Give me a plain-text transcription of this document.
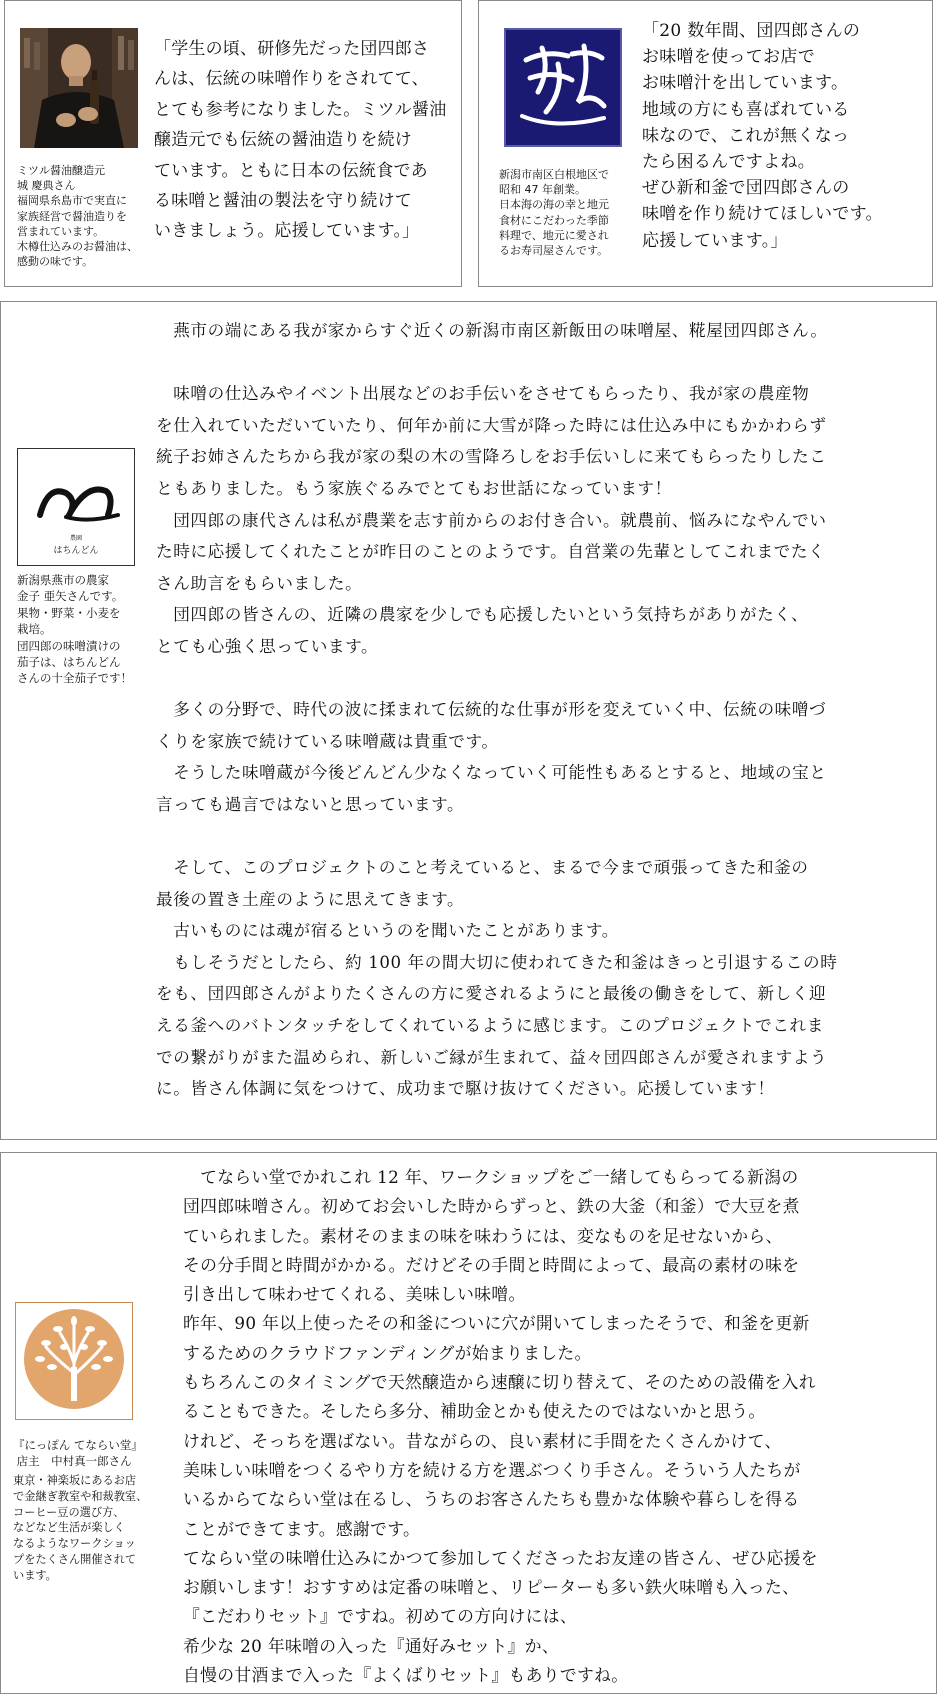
ミツル醤油醸造元
城 慶典さん
福岡県糸島市で実直に
家族経営で醤油造りを
営まれています。
木樽仕込みのお醤油は、
感動の味です。
「学生の頃、研修先だった団四郎さ
んは、伝統の味噌作りをされてて、
とても参考になりました。ミツル醤油
醸造元でも伝統の醤油造りを続け
ています。ともに日本の伝統食であ
る味噌と醤油の製法を守り続けて
いきましょう。応援しています。」
寿々さ
新潟市南区白根地区で
昭和 47 年創業。
日本海の海の幸と地元
食材にこだわった季節
料理で、地元に愛され
るお寿司屋さんです。
「20 数年間、団四郎さんの
お味噌を使ってお店で
お味噌汁を出しています。
地域の方にも喜ばれている
味なので、これが無くなっ
たら困るんですよね。
ぜひ新和釜で団四郎さんの
味噌を作り続けてほしいです。
応援しています。」
農園
はちんどん
新潟県燕市の農家
金子 亜矢さんです。
果物・野菜・小麦を
栽培。
団四郎の味噌漬けの
茄子は、はちんどん
さんの十全茄子です！
　燕市の端にある我が家からすぐ近くの新潟市南区新飯田の味噌屋、糀屋団四郎さん。

　味噌の仕込みやイベント出展などのお手伝いをさせてもらったり、我が家の農産物
を仕入れていただいていたり、何年か前に大雪が降った時には仕込み中にもかかわらず
統子お姉さんたちから我が家の梨の木の雪降ろしをお手伝いしに来てもらったりしたこ
ともありました。もう家族ぐるみでとてもお世話になっています！
　団四郎の康代さんは私が農業を志す前からのお付き合い。就農前、悩みになやんでい
た時に応援してくれたことが昨日のことのようです。自営業の先輩としてこれまでたく
さん助言をもらいました。
　団四郎の皆さんの、近隣の農家を少しでも応援したいという気持ちがありがたく、
とても心強く思っています。

　多くの分野で、時代の波に揉まれて伝統的な仕事が形を変えていく中、伝統の味噌づ
くりを家族で続けている味噌蔵は貴重です。
　そうした味噌蔵が今後どんどん少なくなっていく可能性もあるとすると、地域の宝と
言っても過言ではないと思っています。

　そして、このプロジェクトのこと考えていると、まるで今まで頑張ってきた和釜の
最後の置き土産のように思えてきます。
　古いものには魂が宿るというのを聞いたことがあります。
　もしそうだとしたら、約 100 年の間大切に使われてきた和釜はきっと引退するこの時
をも、団四郎さんがよりたくさんの方に愛されるようにと最後の働きをして、新しく迎
える釜へのバトンタッチをしてくれているように感じます。このプロジェクトでこれま
での繋がりがまた温められ、新しいご縁が生まれて、益々団四郎さんが愛されますよう
に。皆さん体調に気をつけて、成功まで駆け抜けてください。応援しています！
『にっぽん てならい堂』
店主　中村真一郎さん
東京・神楽坂にあるお店
で金継ぎ教室や和裁教室、
コーヒー豆の選び方、
などなど生活が楽しく
なるようなワークショッ
プをたくさん開催されて
います。
　てならい堂でかれこれ 12 年、ワークショップをご一緒してもらってる新潟の
団四郎味噌さん。初めてお会いした時からずっと、鉄の大釜（和釜）で大豆を煮
ていられました。素材そのままの味を味わうには、変なものを足せないから、
その分手間と時間がかかる。だけどその手間と時間によって、最高の素材の味を
引き出して味わせてくれる、美味しい味噌。
昨年、90 年以上使ったその和釜についに穴が開いてしまったそうで、和釜を更新
するためのクラウドファンディングが始まりました。
もちろんこのタイミングで天然醸造から速醸に切り替えて、そのための設備を入れ
ることもできた。そしたら多分、補助金とかも使えたのではないかと思う。
けれど、そっちを選ばない。昔ながらの、良い素材に手間をたくさんかけて、
美味しい味噌をつくるやり方を続ける方を選ぶつくり手さん。そういう人たちが
いるからてならい堂は在るし、うちのお客さんたちも豊かな体験や暮らしを得る
ことができてます。感謝です。
てならい堂の味噌仕込みにかつて参加してくださったお友達の皆さん、ぜひ応援を
お願いします！おすすめは定番の味噌と、リピーターも多い鉄火味噌も入った、
『こだわりセット』ですね。初めての方向けには、
希少な 20 年味噌の入った『通好みセット』か、
自慢の甘酒まで入った『よくばりセット』もありですね。
